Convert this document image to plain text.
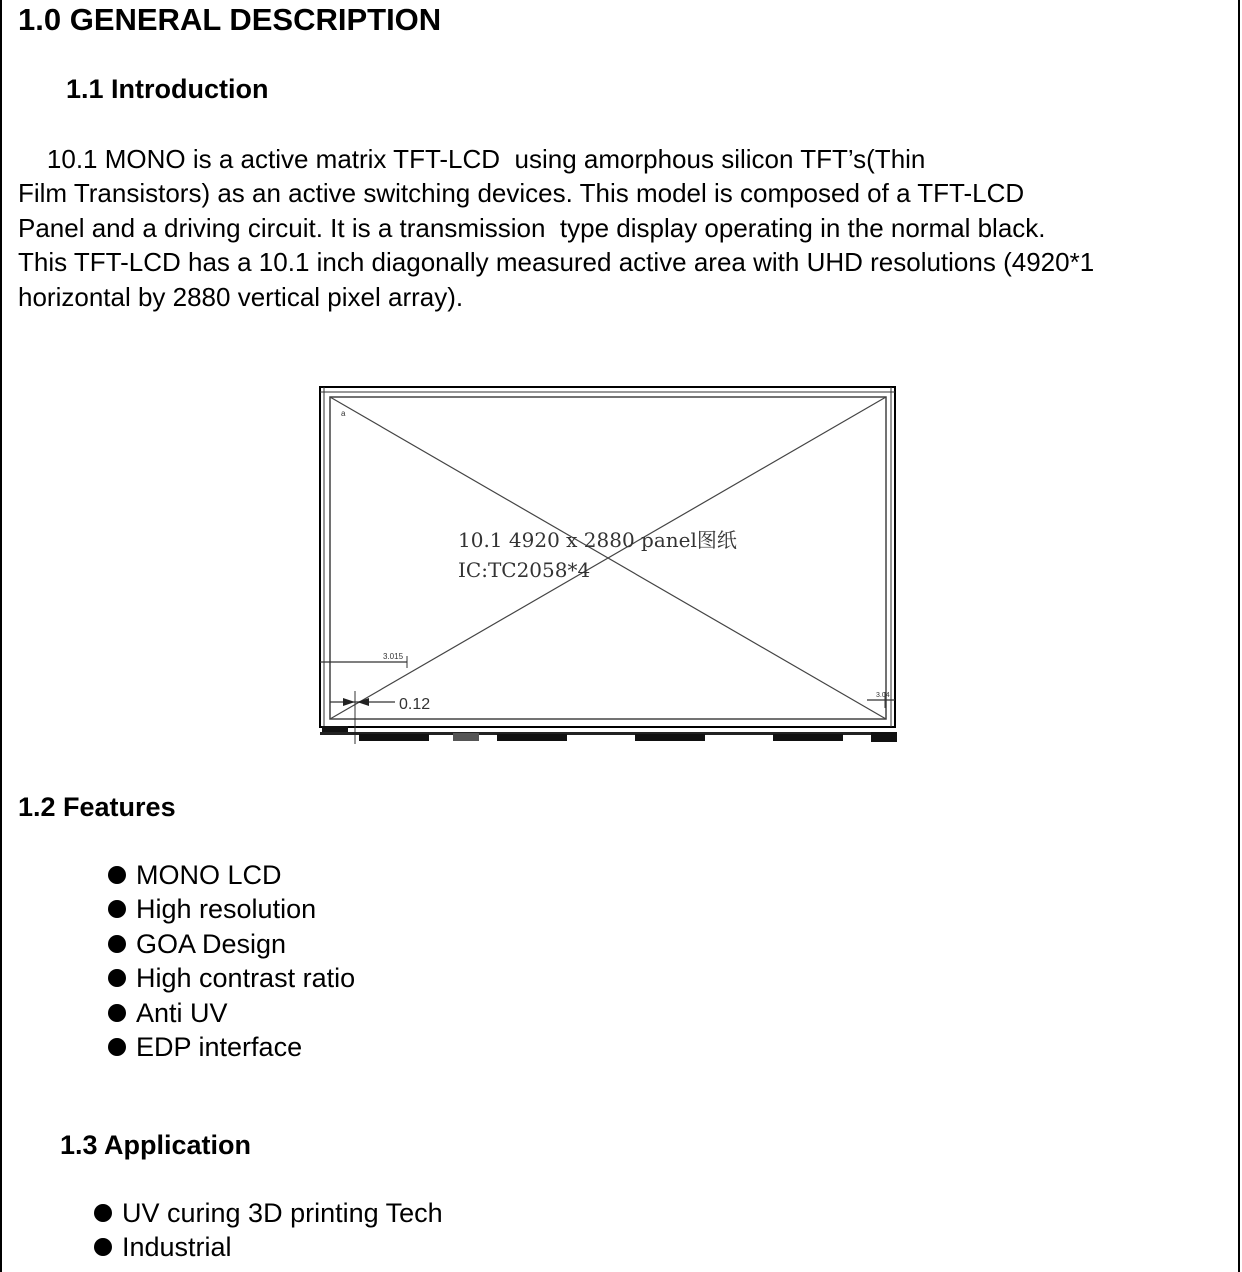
1.0 GENERAL DESCRIPTION
1.1 Introduction
10.1 MONO is a active matrix TFT-LCD  using amorphous silicon TFT’s(Thin
Film Transistors) as an active switching devices. This model is composed of a TFT-LCD
Panel and a driving circuit. It is a transmission  type display operating in the normal black.
This TFT-LCD has a 10.1 inch diagonally measured active area with UHD resolutions (4920*1
horizontal by 2880 vertical pixel array).
a
10.1 4920 x 2880 panel图纸
IC:TC2058*4
3.015
0.12
3.04
1.2 Features
MONO LCD
High resolution
GOA Design
High contrast ratio
Anti UV
EDP interface
1.3 Application
UV curing 3D printing Tech
Industrial
